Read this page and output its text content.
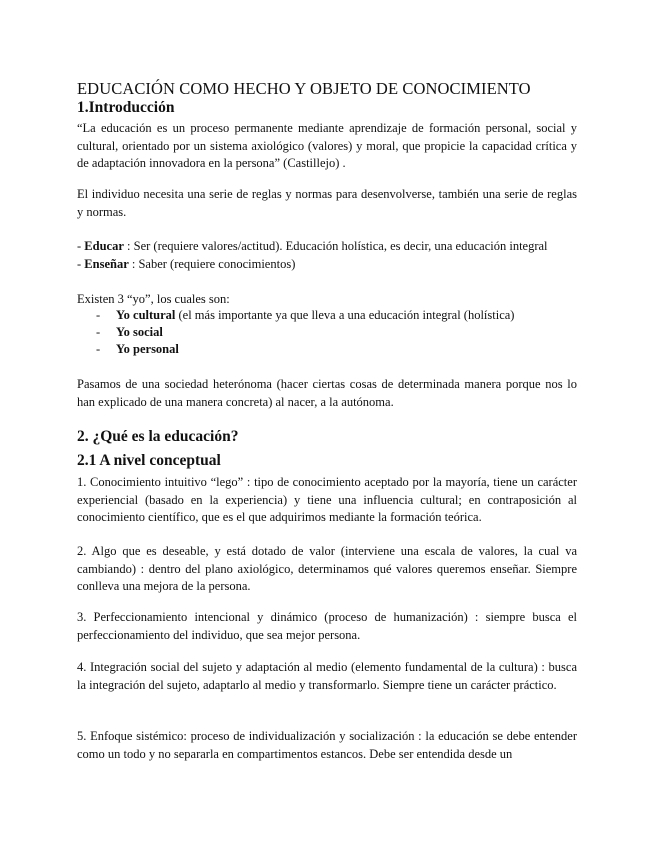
EDUCACIÓN COMO HECHO Y OBJETO DE CONOCIMIENTO
1.Introducción
“La educación es un proceso permanente mediante aprendizaje de formación personal, social y cultural, orientado por un sistema axiológico (valores) y moral, que propicie la capacidad crítica y de adaptación innovadora en la persona” (Castillejo) .
El individuo necesita una serie de reglas y normas para desenvolverse, también una serie de reglas y normas.
- Educar : Ser (requiere valores/actitud). Educación holística, es decir, una educación integral
- Enseñar : Saber (requiere conocimientos)
Existen 3 “yo”, los cuales son:
- Yo cultural (el más importante ya que lleva a una educación integral (holística)
- Yo social
- Yo personal
Pasamos de una sociedad heterónoma (hacer ciertas cosas de determinada manera porque nos lo han explicado de una manera concreta) al nacer, a la autónoma.
2. ¿Qué es la educación?
2.1 A nivel conceptual
1. Conocimiento intuitivo “lego” : tipo de conocimiento aceptado por la mayoría, tiene un carácter experiencial (basado en la experiencia) y tiene una influencia cultural; en contraposición al conocimiento científico, que es el que adquirimos mediante la formación teórica.
2. Algo que es deseable, y está dotado de valor (interviene una escala de valores, la cual va cambiando) : dentro del plano axiológico, determinamos qué valores queremos enseñar. Siempre conlleva una mejora de la persona.
3. Perfeccionamiento intencional y dinámico (proceso de humanización) : siempre busca el perfeccionamiento del individuo, que sea mejor persona.
4. Integración social del sujeto y adaptación al medio (elemento fundamental de la cultura) : busca la integración del sujeto, adaptarlo al medio y transformarlo. Siempre tiene un carácter práctico.
5. Enfoque sistémico: proceso de individualización y socialización : la educación se debe entender como un todo y no separarla en compartimentos estancos. Debe ser entendida desde un
